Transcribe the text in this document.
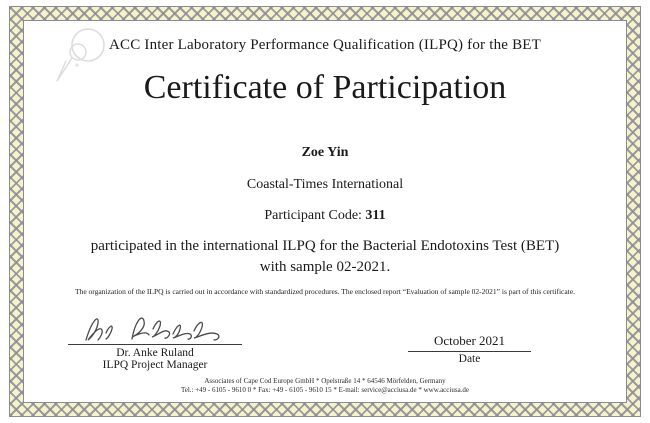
ACC Inter Laboratory Performance Qualification (ILPQ) for the BET
Certificate of Participation
Zoe Yin
Coastal-Times International
Participant Code: 311
participated in the international ILPQ for the Bacterial Endotoxins Test (BET)
with sample 02-2021.
The organization of the ILPQ is carried out in accordance with standardized procedures. The enclosed report “Evaluation of sample 02-2021” is part of this certificate.
Dr. Anke Ruland
ILPQ Project Manager
October 2021
Date
Associates of Cape Cod Europe GmbH * Opelstraße 14 * 64546 Mörfelden, Germany
Tel.: +49 - 6105 - 9610 0 * Fax: +49 - 6105 - 9610 15 * E-mail: service@acciusa.de * www.acciusa.de
